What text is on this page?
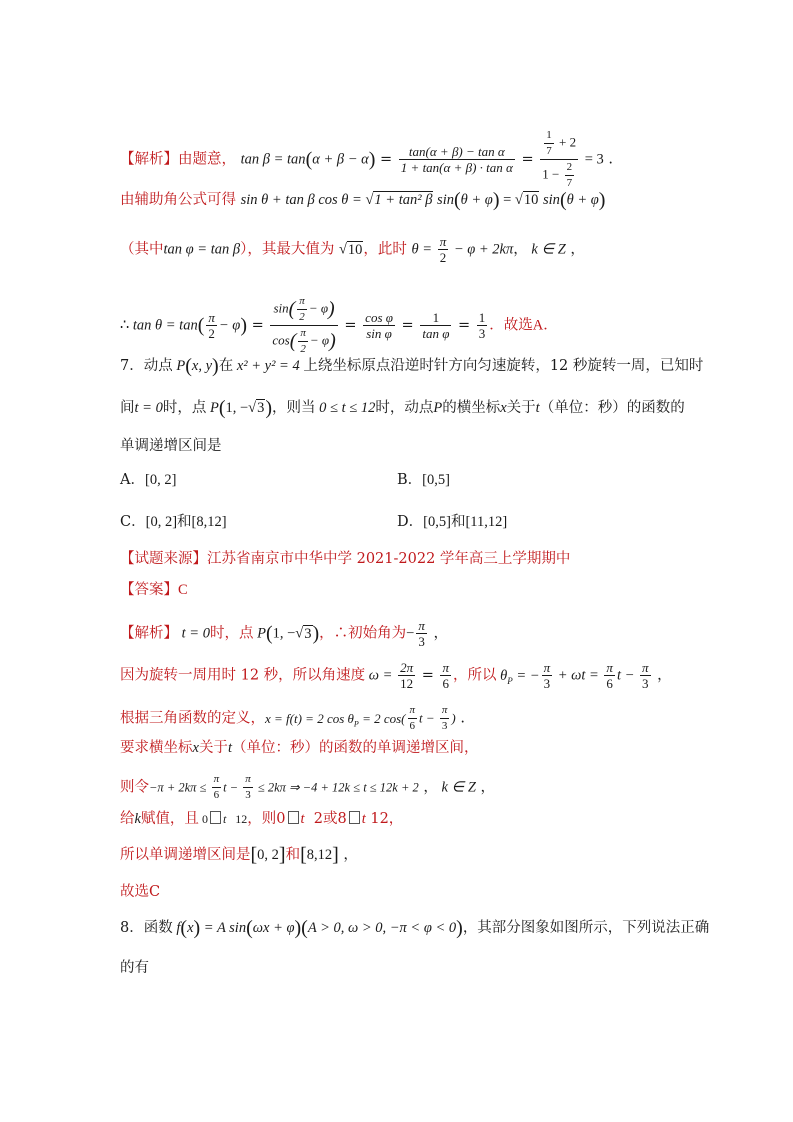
【解析】由题意， $\tan \beta = \tan(\alpha + \beta - \alpha) = \frac{\text{tan(α + β) − tan α}}{\text{1 + tan(α + β) · tan α}} = \frac{\frac{1}{7} + 2}{1 - \frac{2}{7}} = 3$ .
由辅助角公式可得 sin θ + tan β cos θ = √1 + tan² β sin(θ + φ) = √10 sin(θ + φ)
（其中tan φ = tan β），其最大值为 √10，此时 $\theta = \frac{\pi}{2} - \varphi + 2k\pi$， k ∈ Z ，
∴ $\tan \theta = \tan( \frac{\pi}{2} - \varphi) = \frac{\sin( \frac{\pi}{2} - \varphi)}{\cos( \frac{\pi}{2} - \varphi)} = \frac{\text{cos φ}}{\text{sin φ}} = \frac{1}{\text{tan φ}} = \frac{1}{3}$ ．故选A．
7．动点 P(x, y)在 x² + y² = 4 上绕坐标原点沿逆时针方向匀速旋转，12 秒旋转一周，已知时
间t = 0时，点 P(1, −√3)，则当 0 ≤ t ≤ 12时，动点P的横坐标x关于t（单位：秒）的函数的
单调递增区间是
A．[0, 2]	B．[0,5]
C．[0, 2]和[8,12]	D．[0,5]和[11,12]
【试题来源】江苏省南京市中华中学 2021-2022 学年高三上学期期中
【答案】C
【解析】 t = 0时，点 P(1, −√3)，∴初始角为− $\frac{\pi}{3}$ ，
因为旋转一周用时 12 秒，所以角速度 $\omega = \frac{2\pi}{12} = \frac{\pi}{6}$ ，所以 $\theta_P$ = − $\frac{\pi}{3} + \omega t = \frac{\pi}{6}$ $t - \frac{\pi}{3}$ ，
根据三角函数的定义，x = f(t) = 2 $\cos \theta_P = 2$ $\cos( \frac{\pi}{6}$ $t - \frac{\pi}{3}$ ) .
要求横坐标x关于t（单位：秒）的函数的单调递增区间，
则令$-\pi + 2k\pi \le \frac{\pi}{6}$ $t - \frac{\pi}{3} \le 2k\pi$ ⇒ −4 + 12k ≤ t ≤ 12k + 2 ， k ∈ Z ，
给k赋值，且 0 t   12，则0 t 2或8 t 12，
所以单调递增区间是[0, 2]和[8,12] ，
故选C
8．函数 f(x) = A sin(ωx + φ)(A > 0, ω > 0, −π < φ < 0)，其部分图象如图所示，下列说法正确
的有
